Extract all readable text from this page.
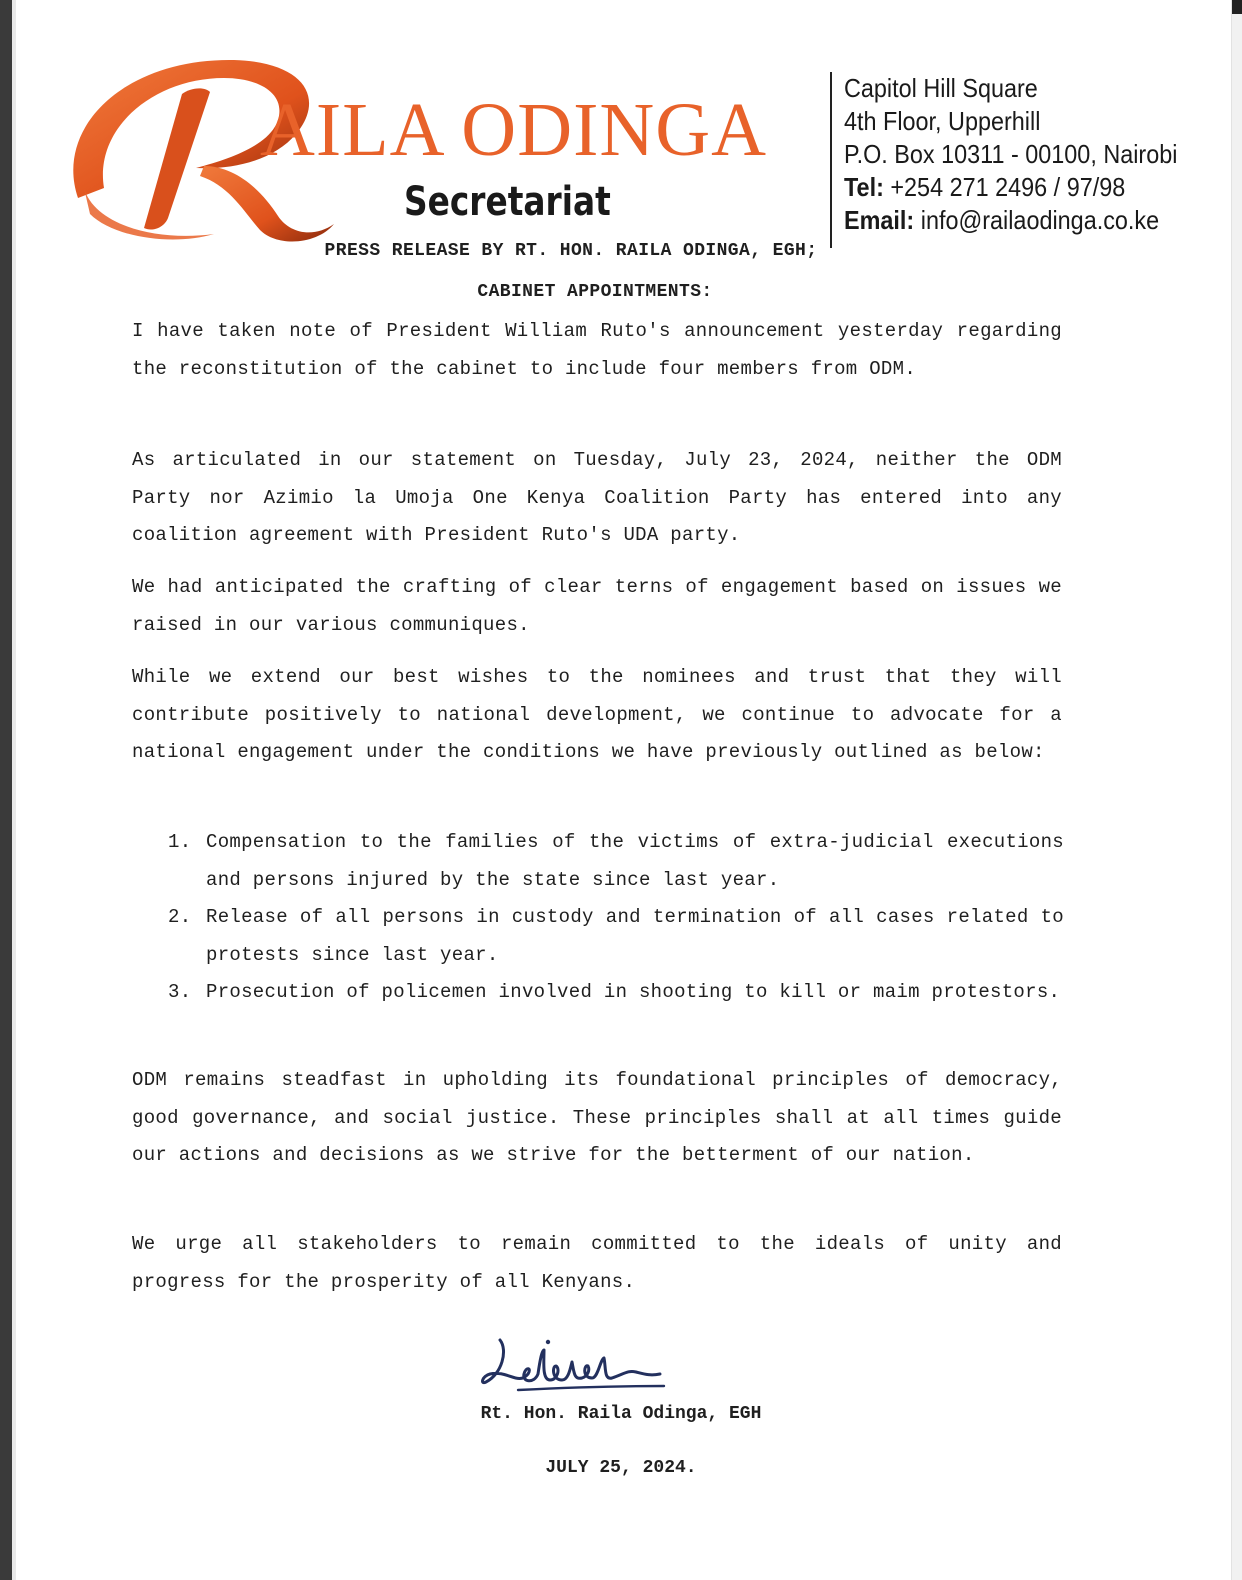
AILA ODINGA
Secretariat
Capitol Hill Square
4th Floor, Upperhill
P.O. Box 10311 - 00100, Nairobi
Tel: +254 271 2496 / 97/98
Email: info@railaodinga.co.ke
PRESS RELEASE BY RT. HON. RAILA ODINGA, EGH;
CABINET APPOINTMENTS:
I have taken note of President William Ruto's announcement yesterday regarding the reconstitution of the cabinet to include four members from ODM.
As articulated in our statement on Tuesday, July 23, 2024, neither the ODM Party nor Azimio la Umoja One Kenya Coalition Party has entered into any coalition agreement with President Ruto's UDA party.
We had anticipated the crafting of clear terns of engagement based on issues we raised in our various communiques.
While we extend our best wishes to the nominees and trust that they will contribute positively to national development, we continue to advocate for a national engagement under the conditions we have previously outlined as below:
1. Compensation to the families of the victims of extra-judicial executions and persons injured by the state since last year.
2. Release of all persons in custody and termination of all cases related to protests since last year.
3. Prosecution of policemen involved in shooting to kill or maim protestors.
ODM remains steadfast in upholding its foundational principles of democracy, good governance, and social justice. These principles shall at all times guide our actions and decisions as we strive for the betterment of our nation.
We urge all stakeholders to remain committed to the ideals of unity and progress for the prosperity of all Kenyans.
Rt. Hon. Raila Odinga, EGH
JULY 25, 2024.
